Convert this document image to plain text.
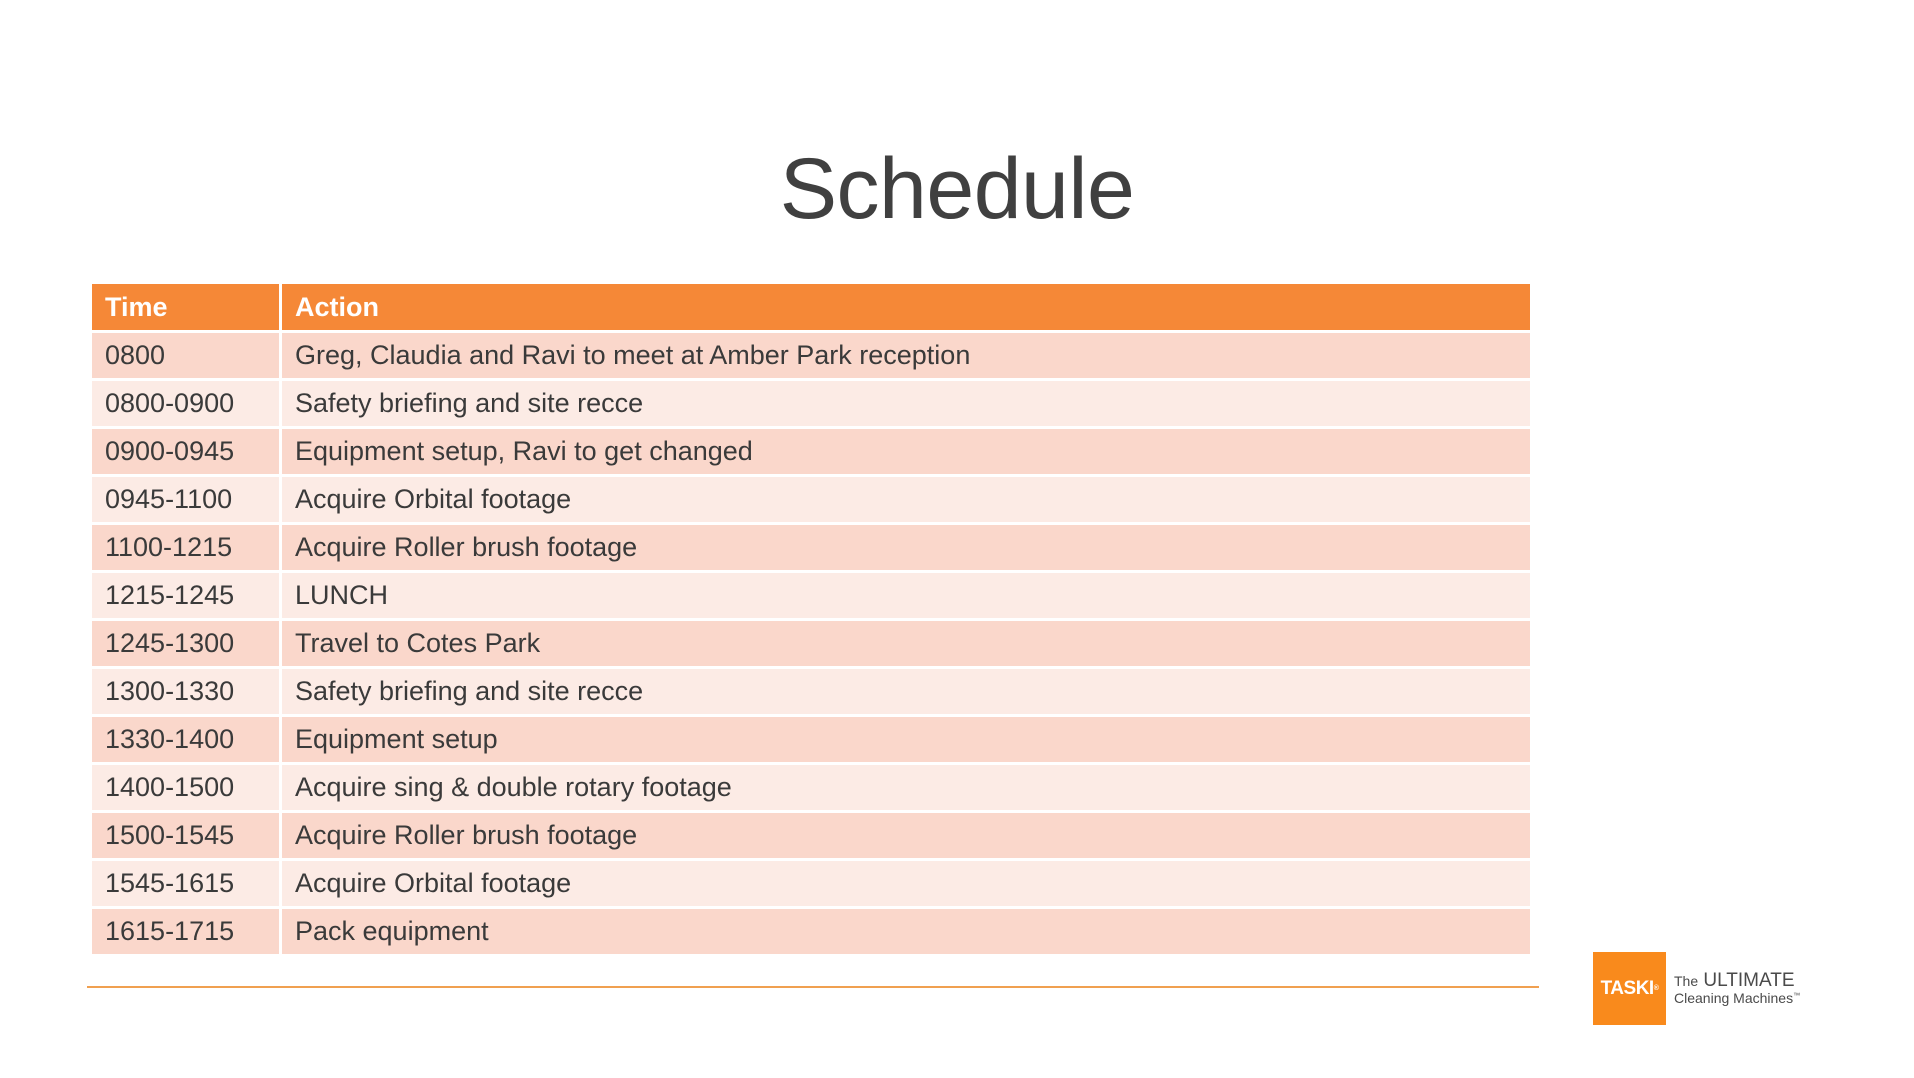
Schedule
Time	Action
0800	Greg, Claudia and Ravi to meet at Amber Park reception
0800-0900	Safety briefing and site recce
0900-0945	Equipment setup, Ravi to get changed
0945-1100	Acquire Orbital footage
1100-1215	Acquire Roller brush footage
1215-1245	LUNCH
1245-1300	Travel to Cotes Park
1300-1330	Safety briefing and site recce
1330-1400	Equipment setup
1400-1500	Acquire sing & double rotary footage
1500-1545	Acquire Roller brush footage
1545-1615	Acquire Orbital footage
1615-1715	Pack equipment
TASKI ® The ULTIMATE
Cleaning Machines™
